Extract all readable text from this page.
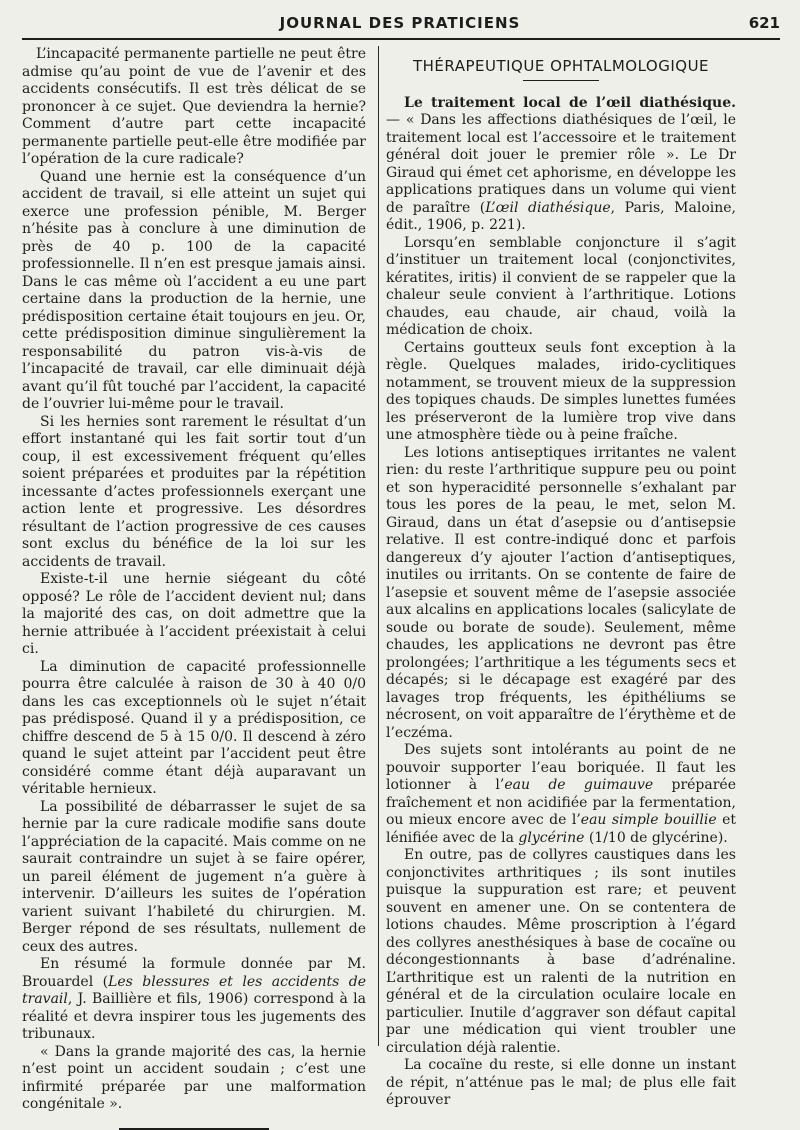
JOURNAL DES PRATICIENS	621

L’incapacité permanente partielle ne peut être admise qu’au point de vue de l’avenir et des accidents consécutifs. Il est très délicat de se prononcer à ce sujet. Que deviendra la hernie? Comment d’autre part cette incapacité permanente partielle peut-elle être modifiée par l’opération de la cure radicale?

Quand une hernie est la conséquence d’un accident de travail, si elle atteint un sujet qui exerce une profession pénible, M. Berger n’hésite pas à conclure à une diminution de près de 40 p. 100 de la capacité professionnelle. Il n’en est presque jamais ainsi. Dans le cas même où l’accident a eu une part certaine dans la production de la hernie, une prédisposition certaine était toujours en jeu. Or, cette prédisposition diminue singulièrement la responsabilité du patron vis-à-vis de l’incapacité de travail, car elle diminuait déjà avant qu’il fût touché par l’accident, la capacité de l’ouvrier lui-même pour le travail.

Si les hernies sont rarement le résultat d’un effort instantané qui les fait sortir tout d’un coup, il est excessivement fréquent qu’elles soient préparées et produites par la répétition incessante d’actes professionnels exerçant une action lente et progressive. Les désordres résultant de l’action progressive de ces causes sont exclus du bénéfice de la loi sur les accidents de travail.

Existe-t-il une hernie siégeant du côté opposé? Le rôle de l’accident devient nul; dans la majorité des cas, on doit admettre que la hernie attribuée à l’accident préexistait à celui ci.

La diminution de capacité professionnelle pourra être calculée à raison de 30 à 40 0/0 dans les cas exceptionnels où le sujet n’était pas prédisposé. Quand il y a prédisposition, ce chiffre descend de 5 à 15 0/0. Il descend à zéro quand le sujet atteint par l’accident peut être considéré comme étant déjà auparavant un véritable hernieux.

La possibilité de débarrasser le sujet de sa hernie par la cure radicale modifie sans doute l’appréciation de la capacité. Mais comme on ne saurait contraindre un sujet à se faire opérer, un pareil élément de jugement n’a guère à intervenir. D’ailleurs les suites de l’opération varient suivant l’habileté du chirurgien. M. Berger répond de ses résultats, nullement de ceux des autres.

En résumé la formule donnée par M. Brouardel (Les blessures et les accidents de travail, J. Baillière et fils, 1906) correspond à la réalité et devra inspirer tous les jugements des tribunaux.

« Dans la grande majorité des cas, la hernie n’est point un accident soudain ; c’est une infirmité préparée par une malformation congénitale ».

THÉRAPEUTIQUE OPHTALMOLOGIQUE

Le traitement local de l’œil diathésique. — « Dans les affections diathésiques de l’œil, le traitement local est l’accessoire et le traitement général doit jouer le premier rôle ». Le Dr Giraud qui émet cet aphorisme, en développe les applications pratiques dans un volume qui vient de paraître (L’œil diathésique, Paris, Maloine, édit., 1906, p. 221).

Lorsqu’en semblable conjoncture il s’agit d’instituer un traitement local (conjonctivites, kératites, iritis) il convient de se rappeler que la chaleur seule convient à l’arthritique. Lotions chaudes, eau chaude, air chaud, voilà la médication de choix.

Certains goutteux seuls font exception à la règle. Quelques malades, irido-cyclitiques notamment, se trouvent mieux de la suppression des topiques chauds. De simples lunettes fumées les préserveront de la lumière trop vive dans une atmosphère tiède ou à peine fraîche.

Les lotions antiseptiques irritantes ne valent rien: du reste l’arthritique suppure peu ou point et son hyperacidité personnelle s’exhalant par tous les pores de la peau, le met, selon M. Giraud, dans un état d’asepsie ou d’antisepsie relative. Il est contre-indiqué donc et parfois dangereux d’y ajouter l’action d’antiseptiques, inutiles ou irritants. On se contente de faire de l’asepsie et souvent même de l’asepsie associée aux alcalins en applications locales (salicylate de soude ou borate de soude). Seulement, même chaudes, les applications ne devront pas être prolongées; l’arthritique a les téguments secs et décapés; si le décapage est exagéré par des lavages trop fréquents, les épithéliums se nécrosent, on voit apparaître de l’érythème et de l’eczéma.

Des sujets sont intolérants au point de ne pouvoir supporter l’eau boriquée. Il faut les lotionner à l’eau de guimauve préparée fraîchement et non acidifiée par la fermentation, ou mieux encore avec de l’eau simple bouillie et lénifiée avec de la glycérine (1/10 de glycérine).

En outre, pas de collyres caustiques dans les conjonctivites arthritiques ; ils sont inutiles puisque la suppuration est rare; et peuvent souvent en amener une. On se contentera de lotions chaudes. Même proscription à l’égard des collyres anesthésiques à base de cocaïne ou décongestionnants à base d’adrénaline. L’arthritique est un ralenti de la nutrition en général et de la circulation oculaire locale en particulier. Inutile d’aggraver son défaut capital par une médication qui vient troubler une circulation déjà ralentie.

La cocaïne du reste, si elle donne un instant de répit, n’atténue pas le mal; de plus elle fait éprouver
